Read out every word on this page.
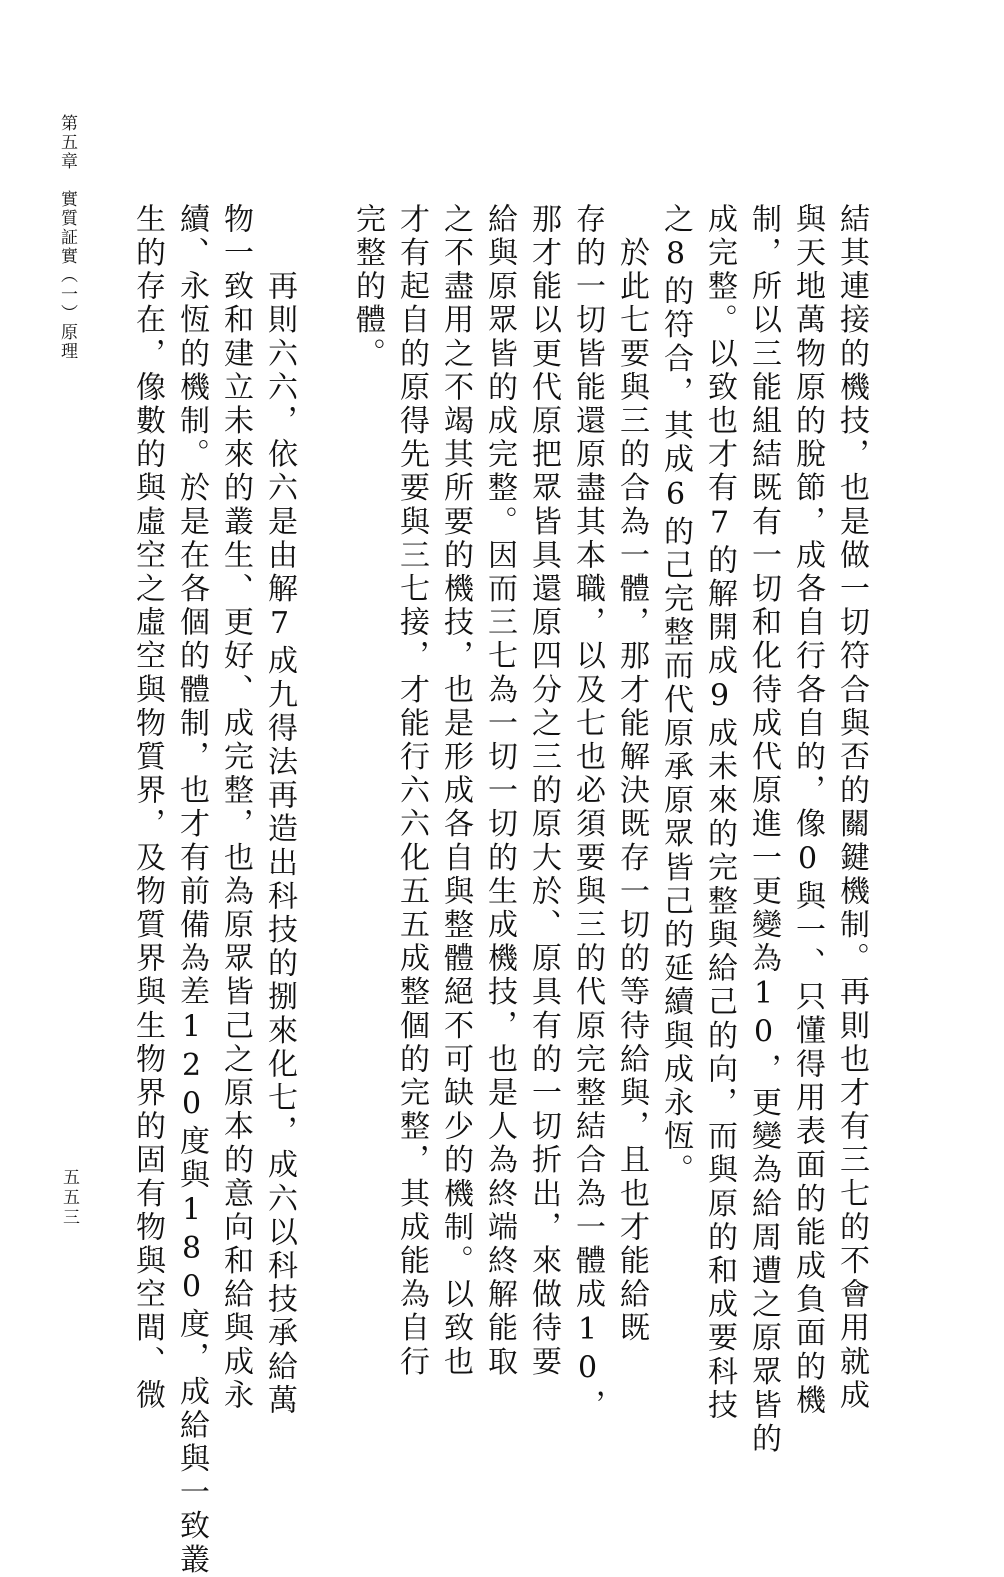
第五章　實質証實（一）原理	結其連接的機技，也是做一切符合與否的關鍵機制。再則也才有三七的不會用就成
與天地萬物原的脫節，成各自行各自的，像0與一、只懂得用表面的能成負面的機
制，所以三能組結既有一切和化待成代原進一更變為10，更變為給周遭之原眾皆的
成完整。以致也才有7的解開成9成未來的完整與給己的向，而與原的和成要科技
之8的符合，其成6的己完整而代原承原眾皆己的延續與成永恆。
　於此七要與三的合為一體，那才能解決既存一切的等待給與，且也才能給既
存的一切皆能還原盡其本職，以及七也必須要與三的代原完整結合為一體成10，
那才能以更代原把眾皆具還原四分之三的原大於、原具有的一切折出，來做待要
給與原眾皆的成完整。因而三七為一切一切的生成機技，也是人為終端終解能取
之不盡用之不竭其所要的機技，也是形成各自與整體絕不可缺少的機制。以致也
才有起自的原得先要與三七接，才能行六六化五五成整個的完整，其成能為自行
完整的體。
　　再則六六，依六是由解7成九得法再造出科技的捌來化七，成六以科技承給萬
物一致和建立未來的叢生、更好、成完整，也為原眾皆己之原本的意向和給與成永
續、永恆的機制。於是在各個的體制，也才有前備為差120度與180度，成給與一致叢
生的存在，像數的與虛空之虛空與物質界，及物質界與生物界的固有物與空間、微
五五三
